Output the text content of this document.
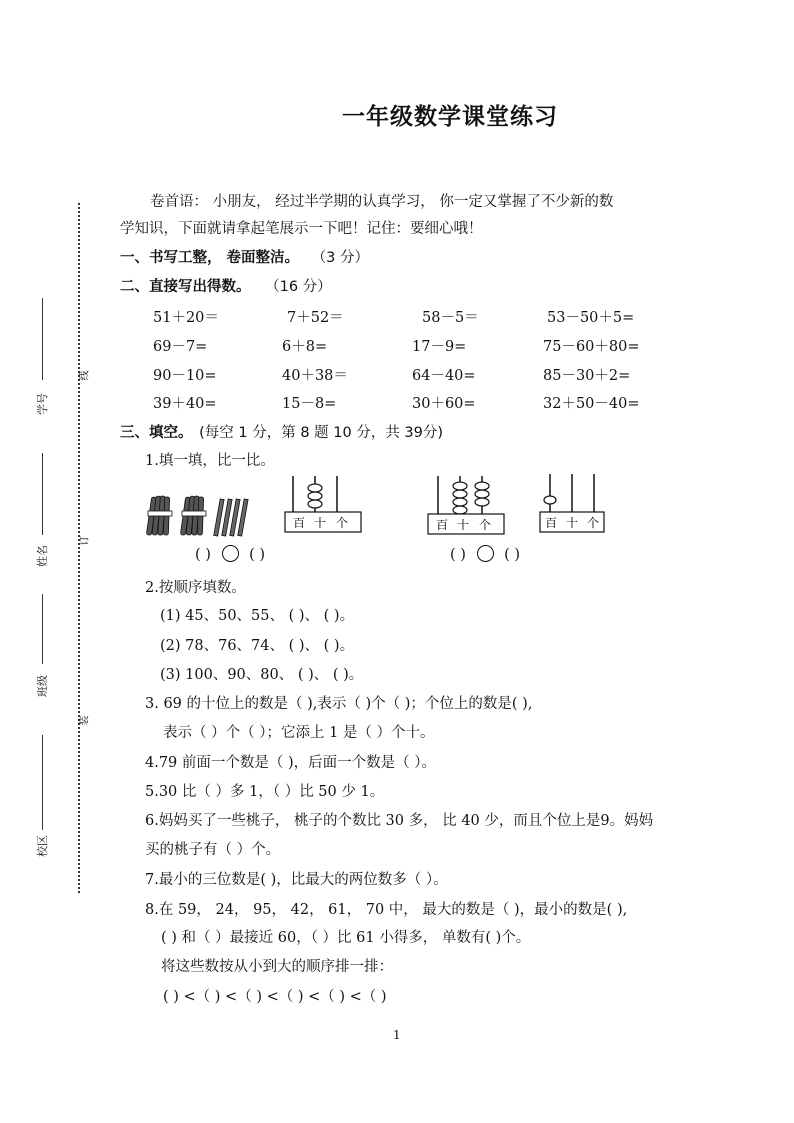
线
订
装
学号
姓名
班级
校区
一年级数学课堂练习
卷首语： 小朋友， 经过半学期的认真学习， 你一定又掌握了不少新的数
学知识，下面就请拿起笔展示一下吧！记住：要细心哦！
一、书写工整， 卷面整洁。 （3 分）
二、直接写出得数。 （16 分）
51＋20＝	7＋52＝	58－5＝	53－50＋5=
69－7=	6＋8=	17－9=	75－60＋80=
90－10=	40＋38＝	64－40=	85－30＋2=
39＋40=	15－8=	30＋60=	32＋50－40=
三、填空。 (每空 1 分，第 8 题 10 分，共 39分)
1.填一填，比一比。
百 十 个	百 十 个	百 十 个
( )	( )	( )	( )
2.按顺序填数。
(1) 45、50、55、 ( )、 ( )。
(2) 78、76、74、 ( )、 ( )。
(3) 100、90、80、 ( )、 ( )。
3. 69 的十位上的数是（ ),表示（ )个（ )；个位上的数是( ),
表示（ ）个（ ）；它添上 1 是（ ）个十。
4.79 前面一个数是（ )，后面一个数是（ ）。
5.30 比（ ）多 1，（ ）比 50 少 1。
6.妈妈买了一些桃子， 桃子的个数比 30 多， 比 40 少，而且个位上是9。妈妈
买的桃子有（ ）个。
7.最小的三位数是( )，比最大的两位数多（ ）。
8.在 59， 24， 95， 42， 61， 70 中， 最大的数是（ )，最小的数是( ),
( ) 和（ ）最接近 60，（ ）比 61 小得多， 单数有( )个。
将这些数按从小到大的顺序排一排：
( ) <（ ) <（ ) <（ ) <（ ) <（ )
1
